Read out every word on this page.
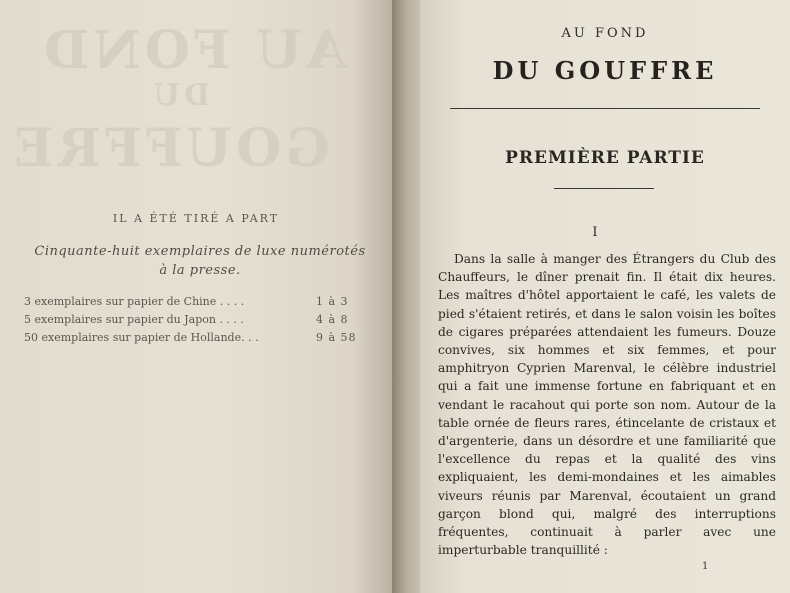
AU FOND
DU
GOUFFRE
IL A ÉTÉ TIRÉ A PART
Cinquante-huit exemplaires de luxe numérotés
à la presse.
3 exemplaires sur papier de Chine . . . .	1 à 3
5 exemplaires sur papier du Japon . . . .	4 à 8
50 exemplaires sur papier de Hollande. . .	9 à 58
AU FOND
DU GOUFFRE
PREMIÈRE PARTIE
I
Dans la salle à manger des Étrangers du Club des Chauffeurs, le dîner prenait fin. Il était dix heures. Les maîtres d'hôtel apportaient le café, les valets de pied s'étaient retirés, et dans le salon voisin les boîtes de cigares préparées attendaient les fumeurs. Douze convives, six hommes et six femmes, et pour amphitryon Cyprien Marenval, le célèbre industriel qui a fait une immense fortune en fabriquant et en vendant le racahout qui porte son nom. Autour de la table ornée de fleurs rares, étincelante de cristaux et d'argenterie, dans un désordre et une familiarité que l'excellence du repas et la qualité des vins expliquaient, les demi-mondaines et les aimables viveurs réunis par Marenval, écoutaient un grand garçon blond qui, malgré des interruptions fréquentes, continuait à parler avec une imperturbable tranquillité :
1
